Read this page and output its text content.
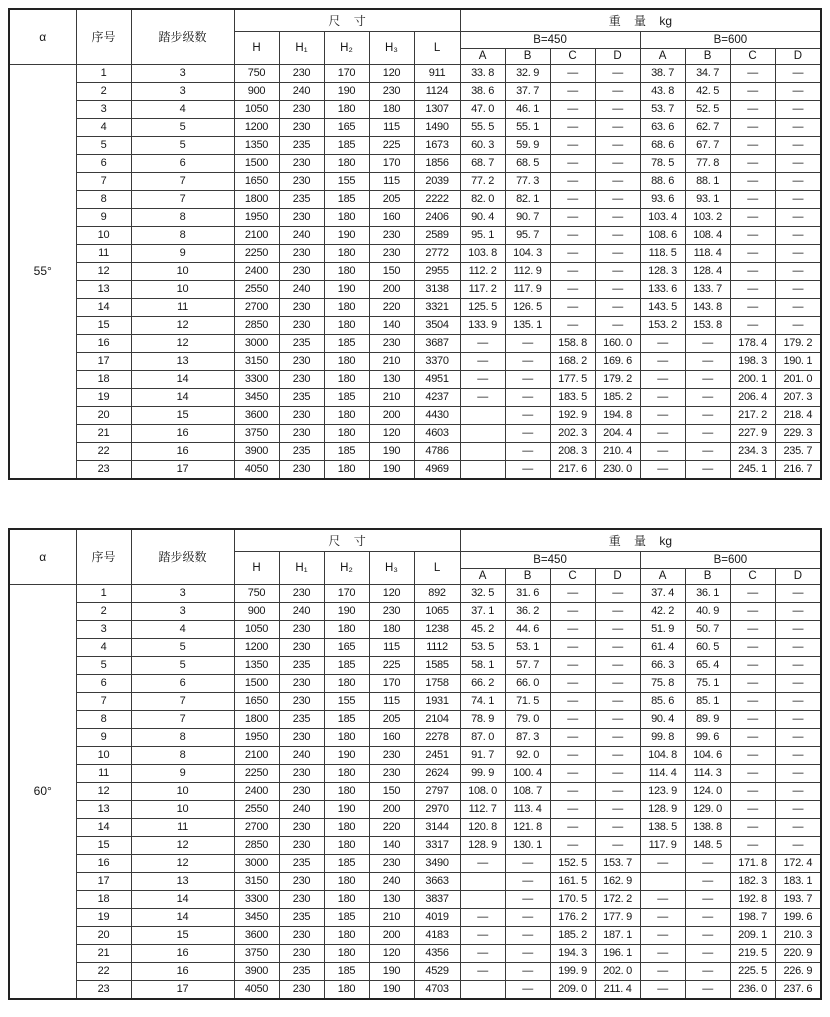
α	序号	踏步级数	尺    寸					重    量    kg							
			H	H₁	H₂	H₃	L	B=450				B=600			
								A	B	C	D	A	B	C	D
55°	1	3	750	230	170	120	911	33. 8	32. 9	—	—	38. 7	34. 7	—	—
	2	3	900	240	190	230	1124	38. 6	37. 7	—	—	43. 8	42. 5	—	—
	3	4	1050	230	180	180	1307	47. 0	46. 1	—	—	53. 7	52. 5	—	—
	4	5	1200	230	165	115	1490	55. 5	55. 1	—	—	63. 6	62. 7	—	—
	5	5	1350	235	185	225	1673	60. 3	59. 9	—	—	68. 6	67. 7	—	—
	6	6	1500	230	180	170	1856	68. 7	68. 5	—	—	78. 5	77. 8	—	—
	7	7	1650	230	155	115	2039	77. 2	77. 3	—	—	88. 6	88. 1	—	—
	8	7	1800	235	185	205	2222	82. 0	82. 1	—	—	93. 6	93. 1	—	—
	9	8	1950	230	180	160	2406	90. 4	90. 7	—	—	103. 4	103. 2	—	—
	10	8	2100	240	190	230	2589	95. 1	95. 7	—	—	108. 6	108. 4	—	—
	11	9	2250	230	180	230	2772	103. 8	104. 3	—	—	118. 5	118. 4	—	—
	12	10	2400	230	180	150	2955	112. 2	112. 9	—	—	128. 3	128. 4	—	—
	13	10	2550	240	190	200	3138	117. 2	117. 9	—	—	133. 6	133. 7	—	—
	14	11	2700	230	180	220	3321	125. 5	126. 5	—	—	143. 5	143. 8	—	—
	15	12	2850	230	180	140	3504	133. 9	135. 1	—	—	153. 2	153. 8	—	—
	16	12	3000	235	185	230	3687	—	—	158. 8	160. 0	—	—	178. 4	179. 2
	17	13	3150	230	180	210	3370	—	—	168. 2	169. 6	—	—	198. 3	190. 1
	18	14	3300	230	180	130	4951	—	—	177. 5	179. 2	—	—	200. 1	201. 0
	19	14	3450	235	185	210	4237	—	—	183. 5	185. 2	—	—	206. 4	207. 3
	20	15	3600	230	180	200	4430		—	192. 9	194. 8	—	—	217. 2	218. 4
	21	16	3750	230	180	120	4603		—	202. 3	204. 4	—	—	227. 9	229. 3
	22	16	3900	235	185	190	4786		—	208. 3	210. 4	—	—	234. 3	235. 7
	23	17	4050	230	180	190	4969		—	217. 6	230. 0	—	—	245. 1	216. 7
α	序号	踏步级数	尺    寸					重    量    kg							
			H	H₁	H₂	H₃	L	B=450				B=600			
								A	B	C	D	A	B	C	D
60°	1	3	750	230	170	120	892	32. 5	31. 6	—	—	37. 4	36. 1	—	—
	2	3	900	240	190	230	1065	37. 1	36. 2	—	—	42. 2	40. 9	—	—
	3	4	1050	230	180	180	1238	45. 2	44. 6	—	—	51. 9	50. 7	—	—
	4	5	1200	230	165	115	1112	53. 5	53. 1	—	—	61. 4	60. 5	—	—
	5	5	1350	235	185	225	1585	58. 1	57. 7	—	—	66. 3	65. 4	—	—
	6	6	1500	230	180	170	1758	66. 2	66. 0	—	—	75. 8	75. 1	—	—
	7	7	1650	230	155	115	1931	74. 1	71. 5	—	—	85. 6	85. 1	—	—
	8	7	1800	235	185	205	2104	78. 9	79. 0	—	—	90. 4	89. 9	—	—
	9	8	1950	230	180	160	2278	87. 0	87. 3	—	—	99. 8	99. 6	—	—
	10	8	2100	240	190	230	2451	91. 7	92. 0	—	—	104. 8	104. 6	—	—
	11	9	2250	230	180	230	2624	99. 9	100. 4	—	—	114. 4	114. 3	—	—
	12	10	2400	230	180	150	2797	108. 0	108. 7	—	—	123. 9	124. 0	—	—
	13	10	2550	240	190	200	2970	112. 7	113. 4	—	—	128. 9	129. 0	—	—
	14	11	2700	230	180	220	3144	120. 8	121. 8	—	—	138. 5	138. 8	—	—
	15	12	2850	230	180	140	3317	128. 9	130. 1	—	—	117. 9	148. 5	—	—
	16	12	3000	235	185	230	3490	—	—	152. 5	153. 7	—	—	171. 8	172. 4
	17	13	3150	230	180	240	3663		—	161. 5	162. 9		—	182. 3	183. 1
	18	14	3300	230	180	130	3837		—	170. 5	172. 2	—	—	192. 8	193. 7
	19	14	3450	235	185	210	4019	—	—	176. 2	177. 9	—	—	198. 7	199. 6
	20	15	3600	230	180	200	4183	—	—	185. 2	187. 1	—	—	209. 1	210. 3
	21	16	3750	230	180	120	4356	—	—	194. 3	196. 1	—	—	219. 5	220. 9
	22	16	3900	235	185	190	4529	—	—	199. 9	202. 0	—	—	225. 5	226. 9
	23	17	4050	230	180	190	4703		—	209. 0	211. 4	—	—	236. 0	237. 6
